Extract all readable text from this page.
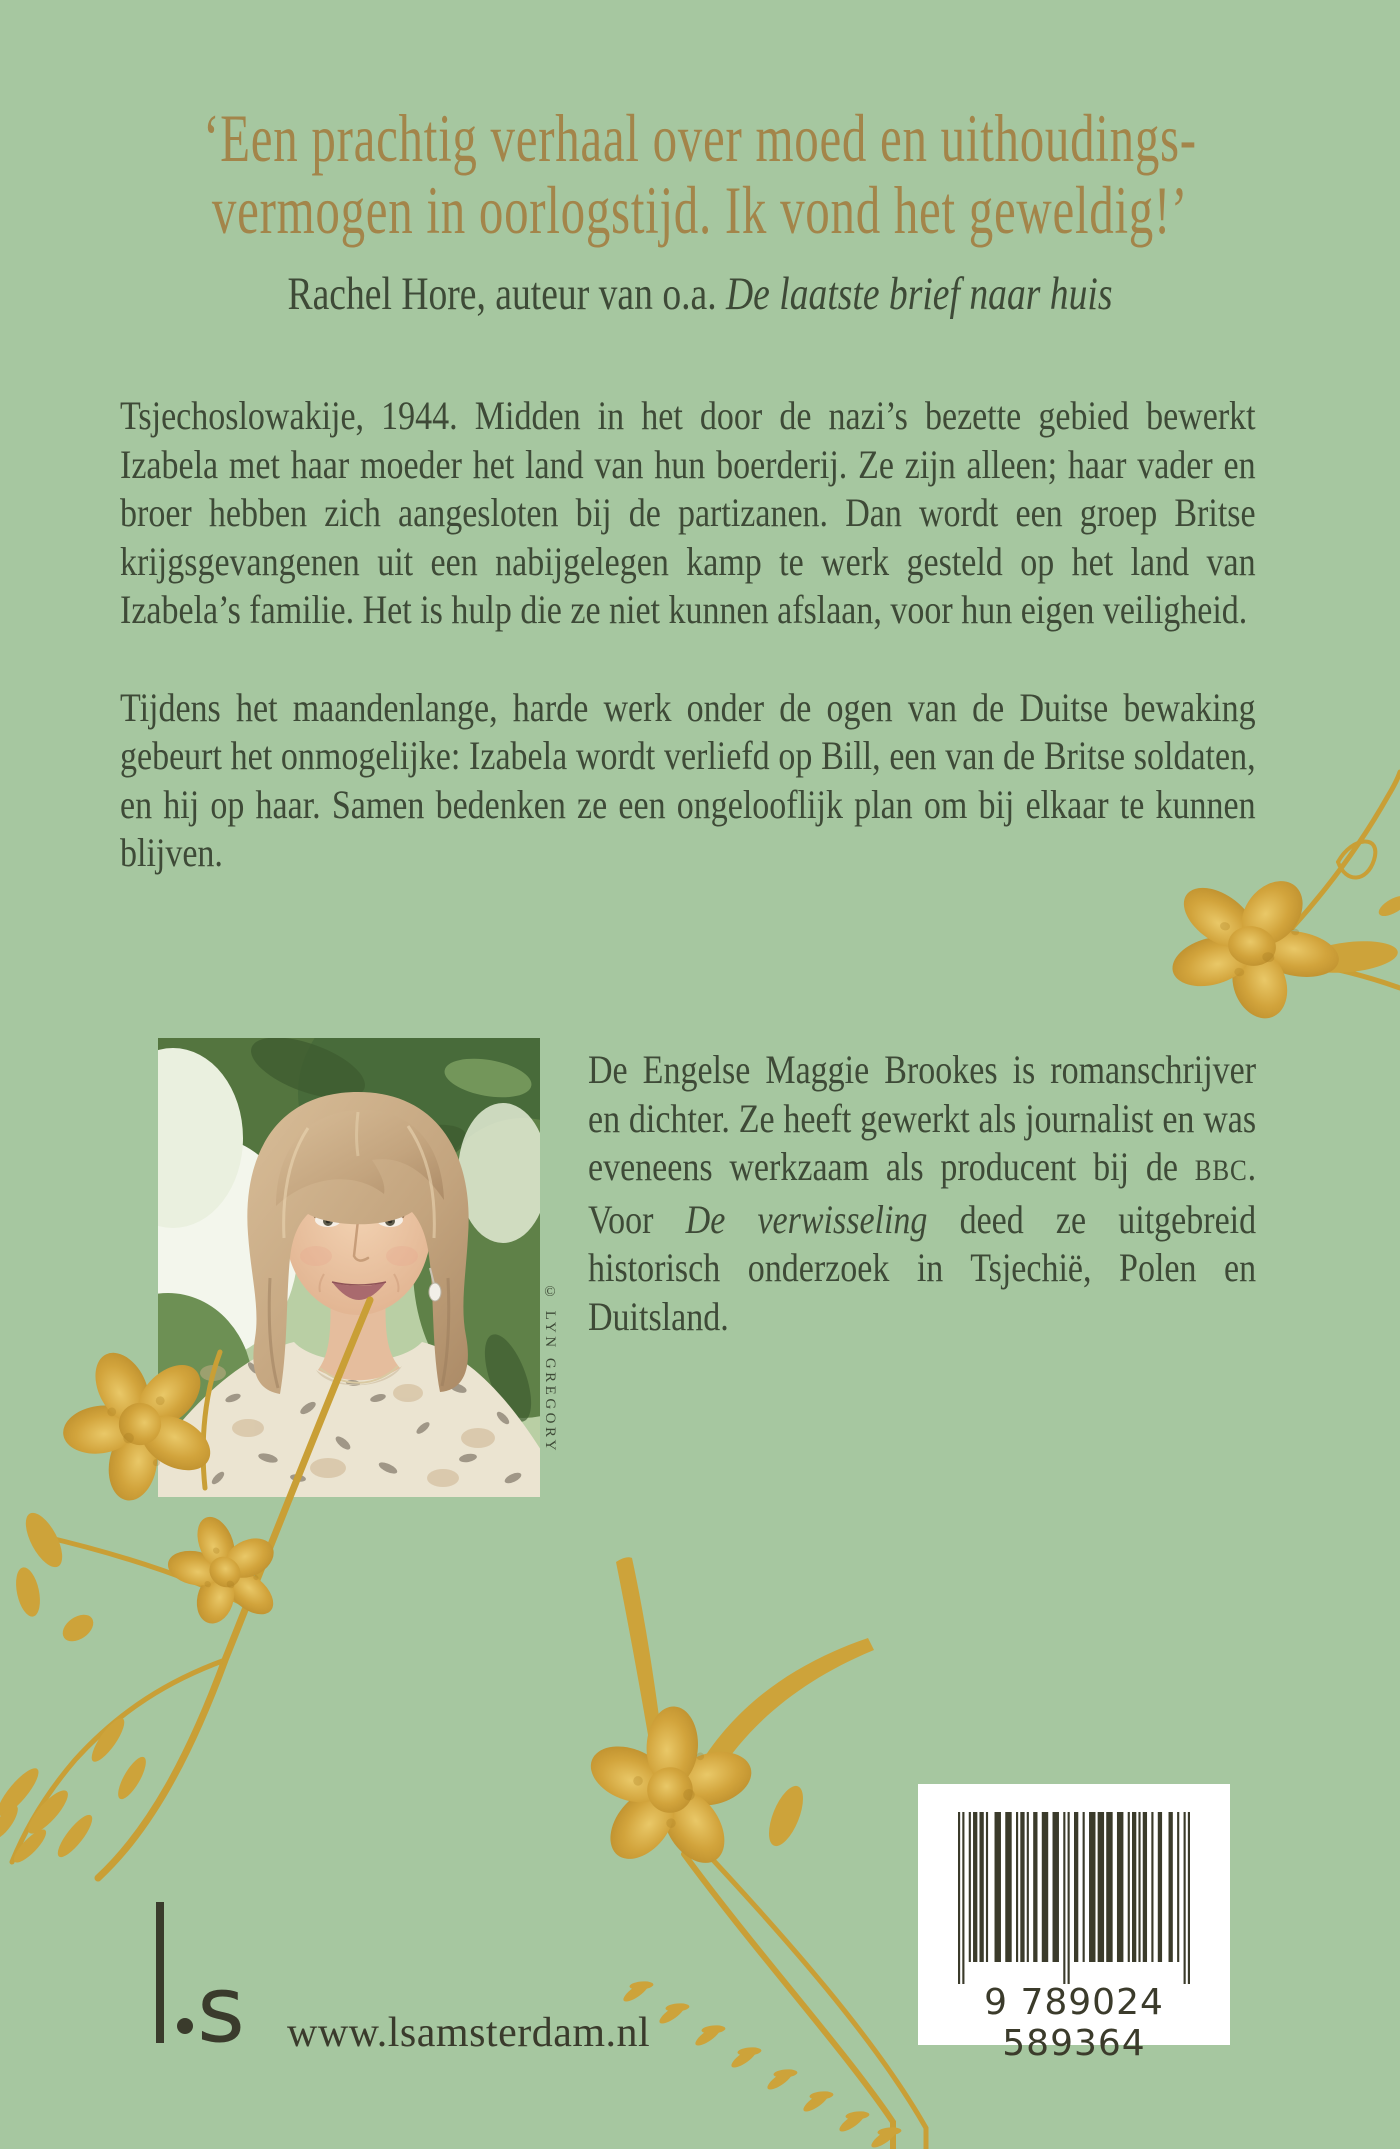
‘Een prachtig verhaal over moed en uithoudings-
vermogen in oorlogstijd. Ik vond het geweldig!’
Rachel Hore, auteur van o.a. De laatste brief naar huis

Tsjechoslowakije, 1944. Midden in het door de nazi’s bezette gebied bewerkt Izabela met haar moeder het land van hun boerderij. Ze zijn alleen; haar vader en broer hebben zich aangesloten bij de partizanen. Dan wordt een groep Britse krijgsgevangenen uit een nabijgelegen kamp te werk gesteld op het land van Izabela’s familie. Het is hulp die ze niet kunnen afslaan, voor hun eigen veiligheid.

Tijdens het maandenlange, harde werk onder de ogen van de Duitse bewaking gebeurt het onmogelijke: Izabela wordt verliefd op Bill, een van de Britse soldaten, en hij op haar. Samen bedenken ze een ongelooflijk plan om bij elkaar te kunnen blijven.

© LYN GREGORY
De Engelse Maggie Brookes is romanschrijver en dichter. Ze heeft gewerkt als journalist en was eveneens werkzaam als producent bij de BBC. Voor De verwisseling deed ze uitgebreid historisch onderzoek in Tsjechië, Polen en Duitsland.
s www.lsamsterdam.nl
9 789024 589364
